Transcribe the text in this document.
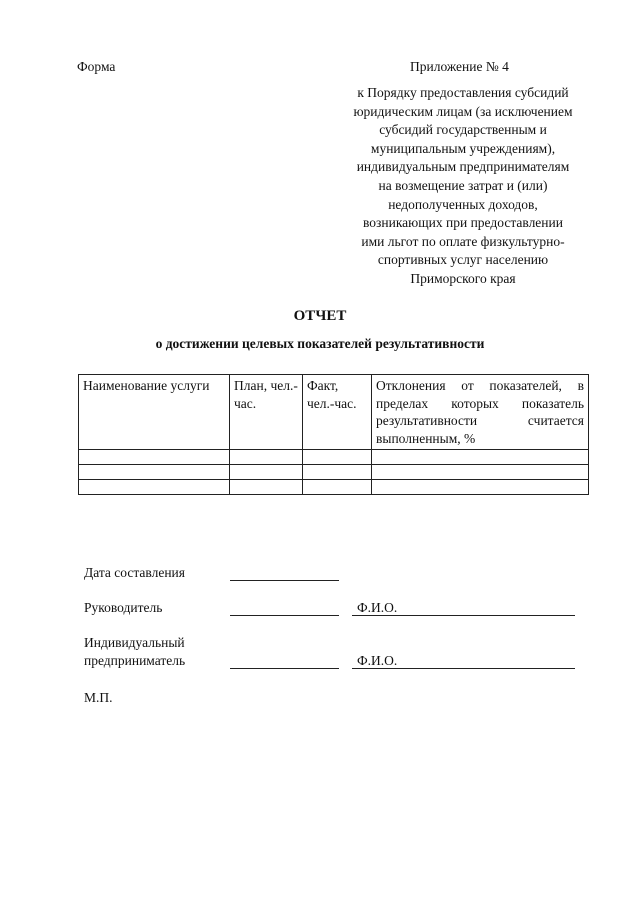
Форма	Приложение № 4
к Порядку предоставления субсидий
юридическим лицам (за исключением
субсидий государственным и
муниципальным учреждениям),
индивидуальным предпринимателям
на возмещение затрат и (или)
недополученных доходов,
возникающих при предоставлении
ими льгот по оплате физкультурно-
спортивных услуг населению
Приморского края
ОТЧЕТ
о достижении целевых показателей результативности
Наименование услуги	План, чел.-час.	Факт, чел.-час.	Отклонения от показателей, в пределах которых показатель результативности считается выполненным, %

Дата составления
Руководитель	Ф.И.О.
Индивидуальный
предприниматель	Ф.И.О.
М.П.
